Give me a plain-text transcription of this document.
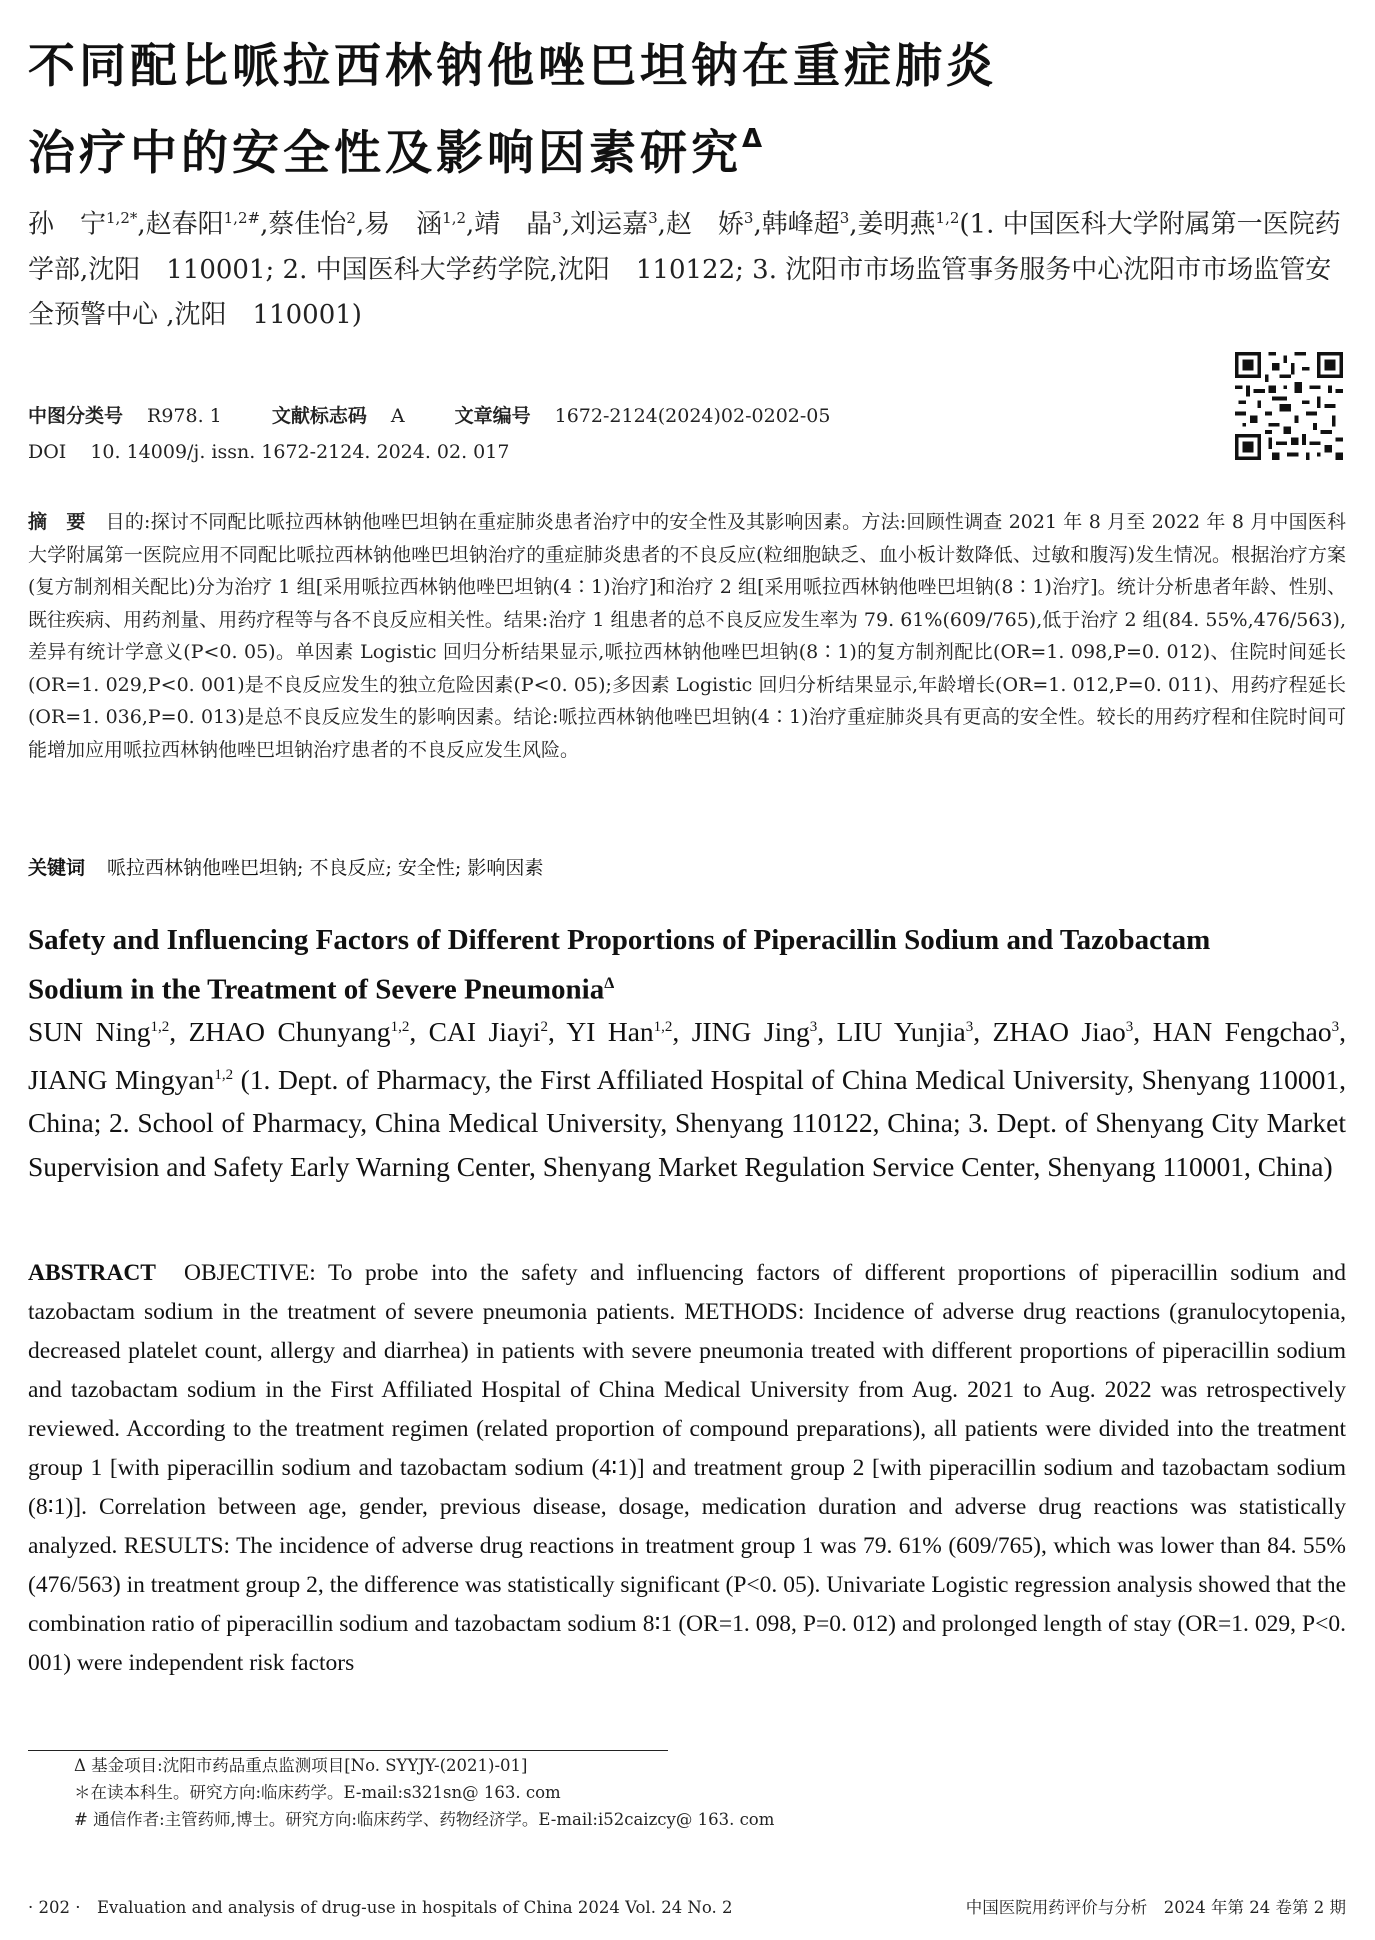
不同配比哌拉西林钠他唑巴坦钠在重症肺炎
治疗中的安全性及影响因素研究$^\Delta$
孙　宁$^{1,2*}$,赵春阳$^{1,2\#}$,蔡佳怡$^2$,易　涵$^{1,2}$,靖　晶$^3$,刘运嘉$^3$,赵　娇$^3$,韩峰超$^3$,姜明燕$^{1,2}$(1. 中国医科大学附属第一医院药学部,沈阳　110001; 2. 中国医科大学药学院,沈阳　110122; 3. 沈阳市市场监管事务服务中心沈阳市市场监管安全预警中心 ,沈阳　110001)
中图分类号 R978. 1	文献标志码 A	文章编号 1672-2124(2024)02-0202-05
DOI 10. 14009/j. issn. 1672-2124. 2024. 02. 017
摘　要 目的:探讨不同配比哌拉西林钠他唑巴坦钠在重症肺炎患者治疗中的安全性及其影响因素。方法:回顾性调查 2021 年 8 月至 2022 年 8 月中国医科大学附属第一医院应用不同配比哌拉西林钠他唑巴坦钠治疗的重症肺炎患者的不良反应(粒细胞缺乏、血小板计数降低、过敏和腹泻)发生情况。根据治疗方案(复方制剂相关配比)分为治疗 1 组[采用哌拉西林钠他唑巴坦钠(4∶1)治疗]和治疗 2 组[采用哌拉西林钠他唑巴坦钠(8∶1)治疗]。统计分析患者年龄、性别、既往疾病、用药剂量、用药疗程等与各不良反应相关性。结果:治疗 1 组患者的总不良反应发生率为 79. 61%(609/765),低于治疗 2 组(84. 55%,476/563),差异有统计学意义(P<0. 05)。单因素 Logistic 回归分析结果显示,哌拉西林钠他唑巴坦钠(8∶1)的复方制剂配比(OR=1. 098,P=0. 012)、住院时间延长(OR=1. 029,P<0. 001)是不良反应发生的独立危险因素(P<0. 05);多因素 Logistic 回归分析结果显示,年龄增长(OR=1. 012,P=0. 011)、用药疗程延长(OR=1. 036,P=0. 013)是总不良反应发生的影响因素。结论:哌拉西林钠他唑巴坦钠(4∶1)治疗重症肺炎具有更高的安全性。较长的用药疗程和住院时间可能增加应用哌拉西林钠他唑巴坦钠治疗患者的不良反应发生风险。
关键词 哌拉西林钠他唑巴坦钠; 不良反应; 安全性; 影响因素
Safety and Influencing Factors of Different Proportions of Piperacillin Sodium and Tazobactam
Sodium in the Treatment of Severe Pneumonia$^\Delta$
SUN Ning$^{1,2}$, ZHAO Chunyang$^{1,2}$, CAI Jiayi$^2$, YI Han$^{1,2}$, JING Jing$^3$, LIU Yunjia$^3$, ZHAO Jiao$^3$, HAN Fengchao$^3$, JIANG Mingyan$^{1,2}$ (1. Dept. of Pharmacy, the First Affiliated Hospital of China Medical University, Shenyang 110001, China; 2. School of Pharmacy, China Medical University, Shenyang 110122, China; 3. Dept. of Shenyang City Market Supervision and Safety Early Warning Center, Shenyang Market Regulation Service Center, Shenyang 110001, China)
ABSTRACT OBJECTIVE: To probe into the safety and influencing factors of different proportions of piperacillin sodium and tazobactam sodium in the treatment of severe pneumonia patients. METHODS: Incidence of adverse drug reactions (granulocytopenia, decreased platelet count, allergy and diarrhea) in patients with severe pneumonia treated with different proportions of piperacillin sodium and tazobactam sodium in the First Affiliated Hospital of China Medical University from Aug. 2021 to Aug. 2022 was retrospectively reviewed. According to the treatment regimen (related proportion of compound preparations), all patients were divided into the treatment group 1 [with piperacillin sodium and tazobactam sodium (4∶1)] and treatment group 2 [with piperacillin sodium and tazobactam sodium (8∶1)]. Correlation between age, gender, previous disease, dosage, medication duration and adverse drug reactions was statistically analyzed. RESULTS: The incidence of adverse drug reactions in treatment group 1 was 79. 61% (609/765), which was lower than 84. 55% (476/563) in treatment group 2, the difference was statistically significant (P<0. 05). Univariate Logistic regression analysis showed that the combination ratio of piperacillin sodium and tazobactam sodium 8∶1 (OR=1. 098, P=0. 012) and prolonged length of stay (OR=1. 029, P<0. 001) were independent risk factors
Δ 基金项目:沈阳市药品重点监测项目[No. SYYJY-(2021)-01]
＊在读本科生。研究方向:临床药学。E-mail:s321sn@ 163. com
# 通信作者:主管药师,博士。研究方向:临床药学、药物经济学。E-mail:i52caizcy@ 163. com
· 202 ·　Evaluation and analysis of drug-use in hospitals of China 2024 Vol. 24 No. 2	中国医院用药评价与分析　2024 年第 24 卷第 2 期
